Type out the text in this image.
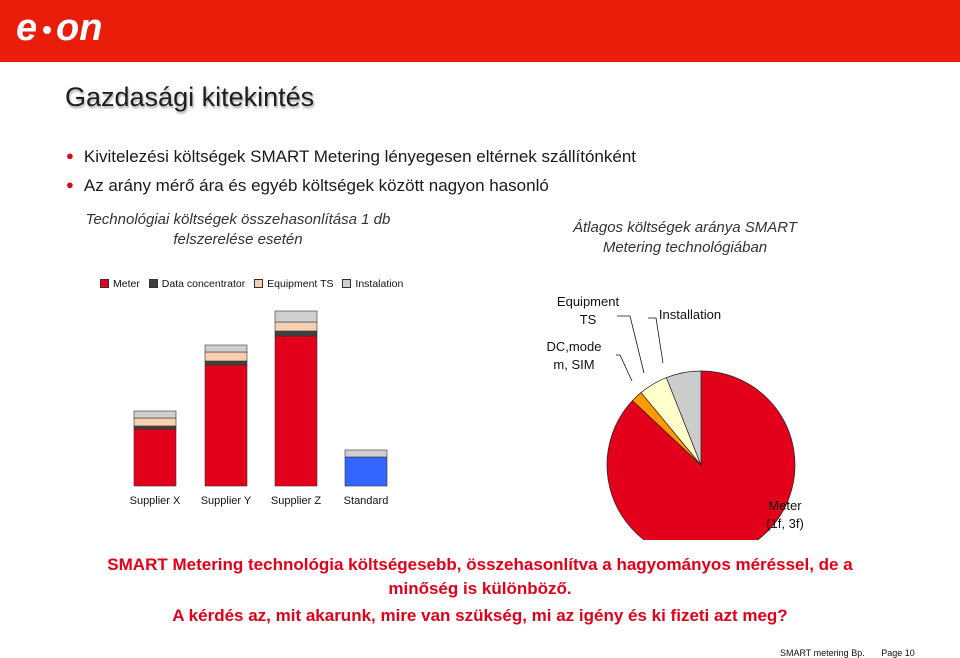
e on
Gazdasági kitekintés
● Kivitelezési költségek SMART Metering lényegesen eltérnek szállítónként
● Az arány mérő ára és egyéb költségek között nagyon hasonló
Technológiai költségek összehasonlítása 1 db
felszerelése esetén
Átlagos költségek aránya SMART
Metering technológiában
Meter Data concentrator Equipment TS Instalation
Supplier X Supplier Y Supplier Z Standard
Equipment
TS	Installation
DC,mode
m, SIM
Meter
(1f, 3f)
SMART Metering technológia költségesebb, összehasonlítva a hagyományos méréssel, de a
minőség is különböző.
A kérdés az, mit akarunk, mire van szükség, mi az igény és ki fizeti azt meg?
SMART metering Bp. Page 10
